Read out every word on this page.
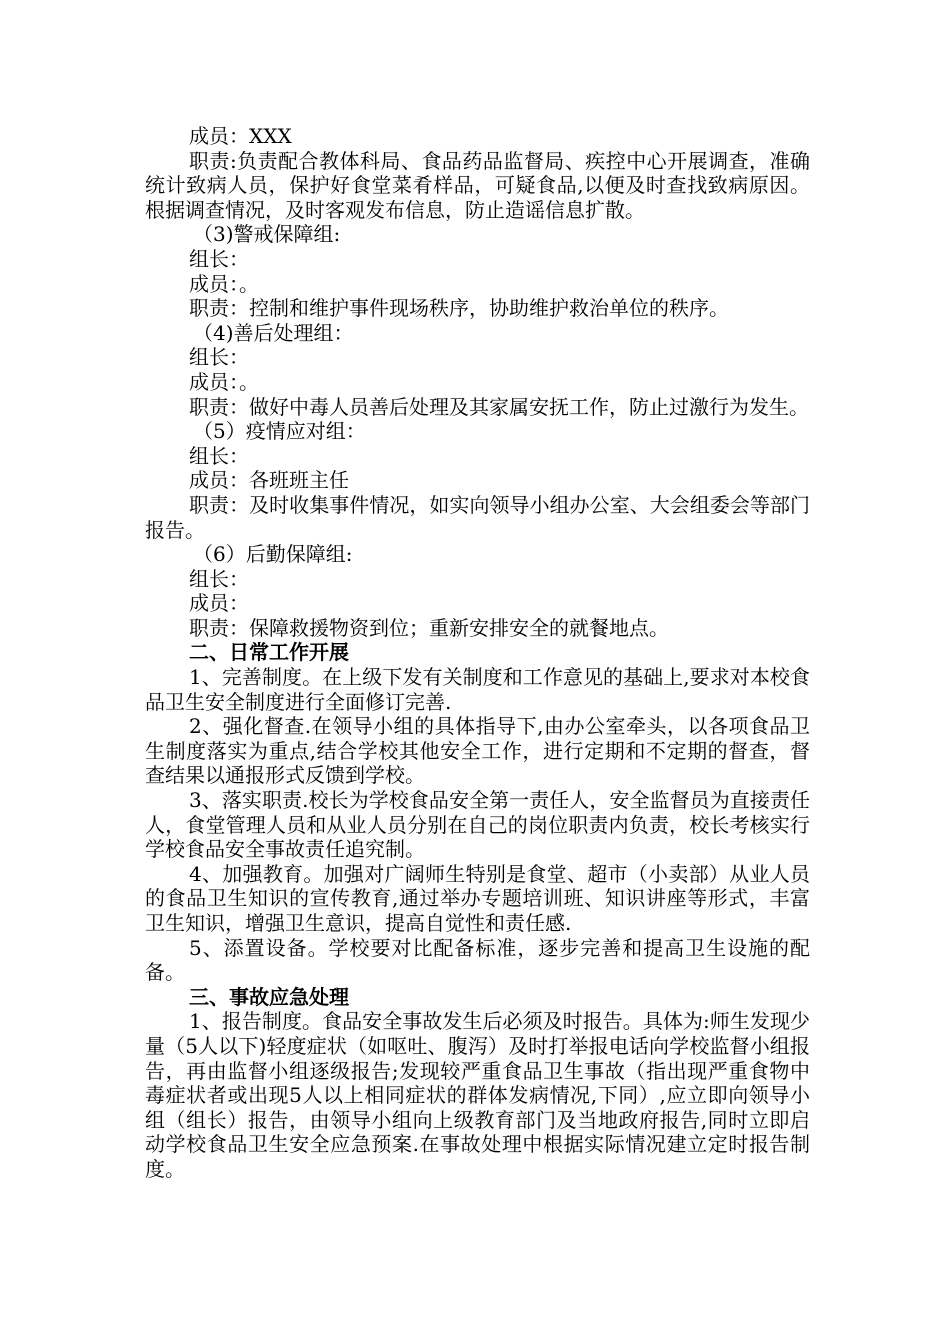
成员：XXX

职责:负责配合教体科局、食品药品监督局、疾控中心开展调查，准确统计致病人员，保护好食堂菜肴样品，可疑食品,以便及时查找致病原因。根据调查情况，及时客观发布信息，防止造谣信息扩散。

（3)警戒保障组:

组长：

成员：。

职责：控制和维护事件现场秩序，协助维护救治单位的秩序。

（4)善后处理组：

组长：

成员：。

职责：做好中毒人员善后处理及其家属安抚工作，防止过激行为发生。

（5）疫情应对组：

组长：

成员：各班班主任

职责：及时收集事件情况，如实向领导小组办公室、大会组委会等部门报告。

（6）后勤保障组:

组长：

成员：

职责：保障救援物资到位；重新安排安全的就餐地点。

二、日常工作开展

1、完善制度。在上级下发有关制度和工作意见的基础上,要求对本校食品卫生安全制度进行全面修订完善.

2、强化督查.在领导小组的具体指导下,由办公室牵头，以各项食品卫生制度落实为重点,结合学校其他安全工作，进行定期和不定期的督查，督查结果以通报形式反馈到学校。

3、落实职责.校长为学校食品安全第一责任人，安全监督员为直接责任人，食堂管理人员和从业人员分别在自己的岗位职责内负责，校长考核实行学校食品安全事故责任追究制。

4、加强教育。加强对广阔师生特别是食堂、超市（小卖部）从业人员的食品卫生知识的宣传教育,通过举办专题培训班、知识讲座等形式，丰富卫生知识，增强卫生意识，提高自觉性和责任感.

5、添置设备。学校要对比配备标准，逐步完善和提高卫生设施的配备。

三、事故应急处理

1、报告制度。食品安全事故发生后必须及时报告。具体为:师生发现少量（5人以下)轻度症状（如呕吐、腹泻）及时打举报电话向学校监督小组报告，再由监督小组逐级报告;发现较严重食品卫生事故（指出现严重食物中毒症状者或出现5人以上相同症状的群体发病情况,下同）,应立即向领导小组（组长）报告，由领导小组向上级教育部门及当地政府报告,同时立即启动学校食品卫生安全应急预案.在事故处理中根据实际情况建立定时报告制度。
